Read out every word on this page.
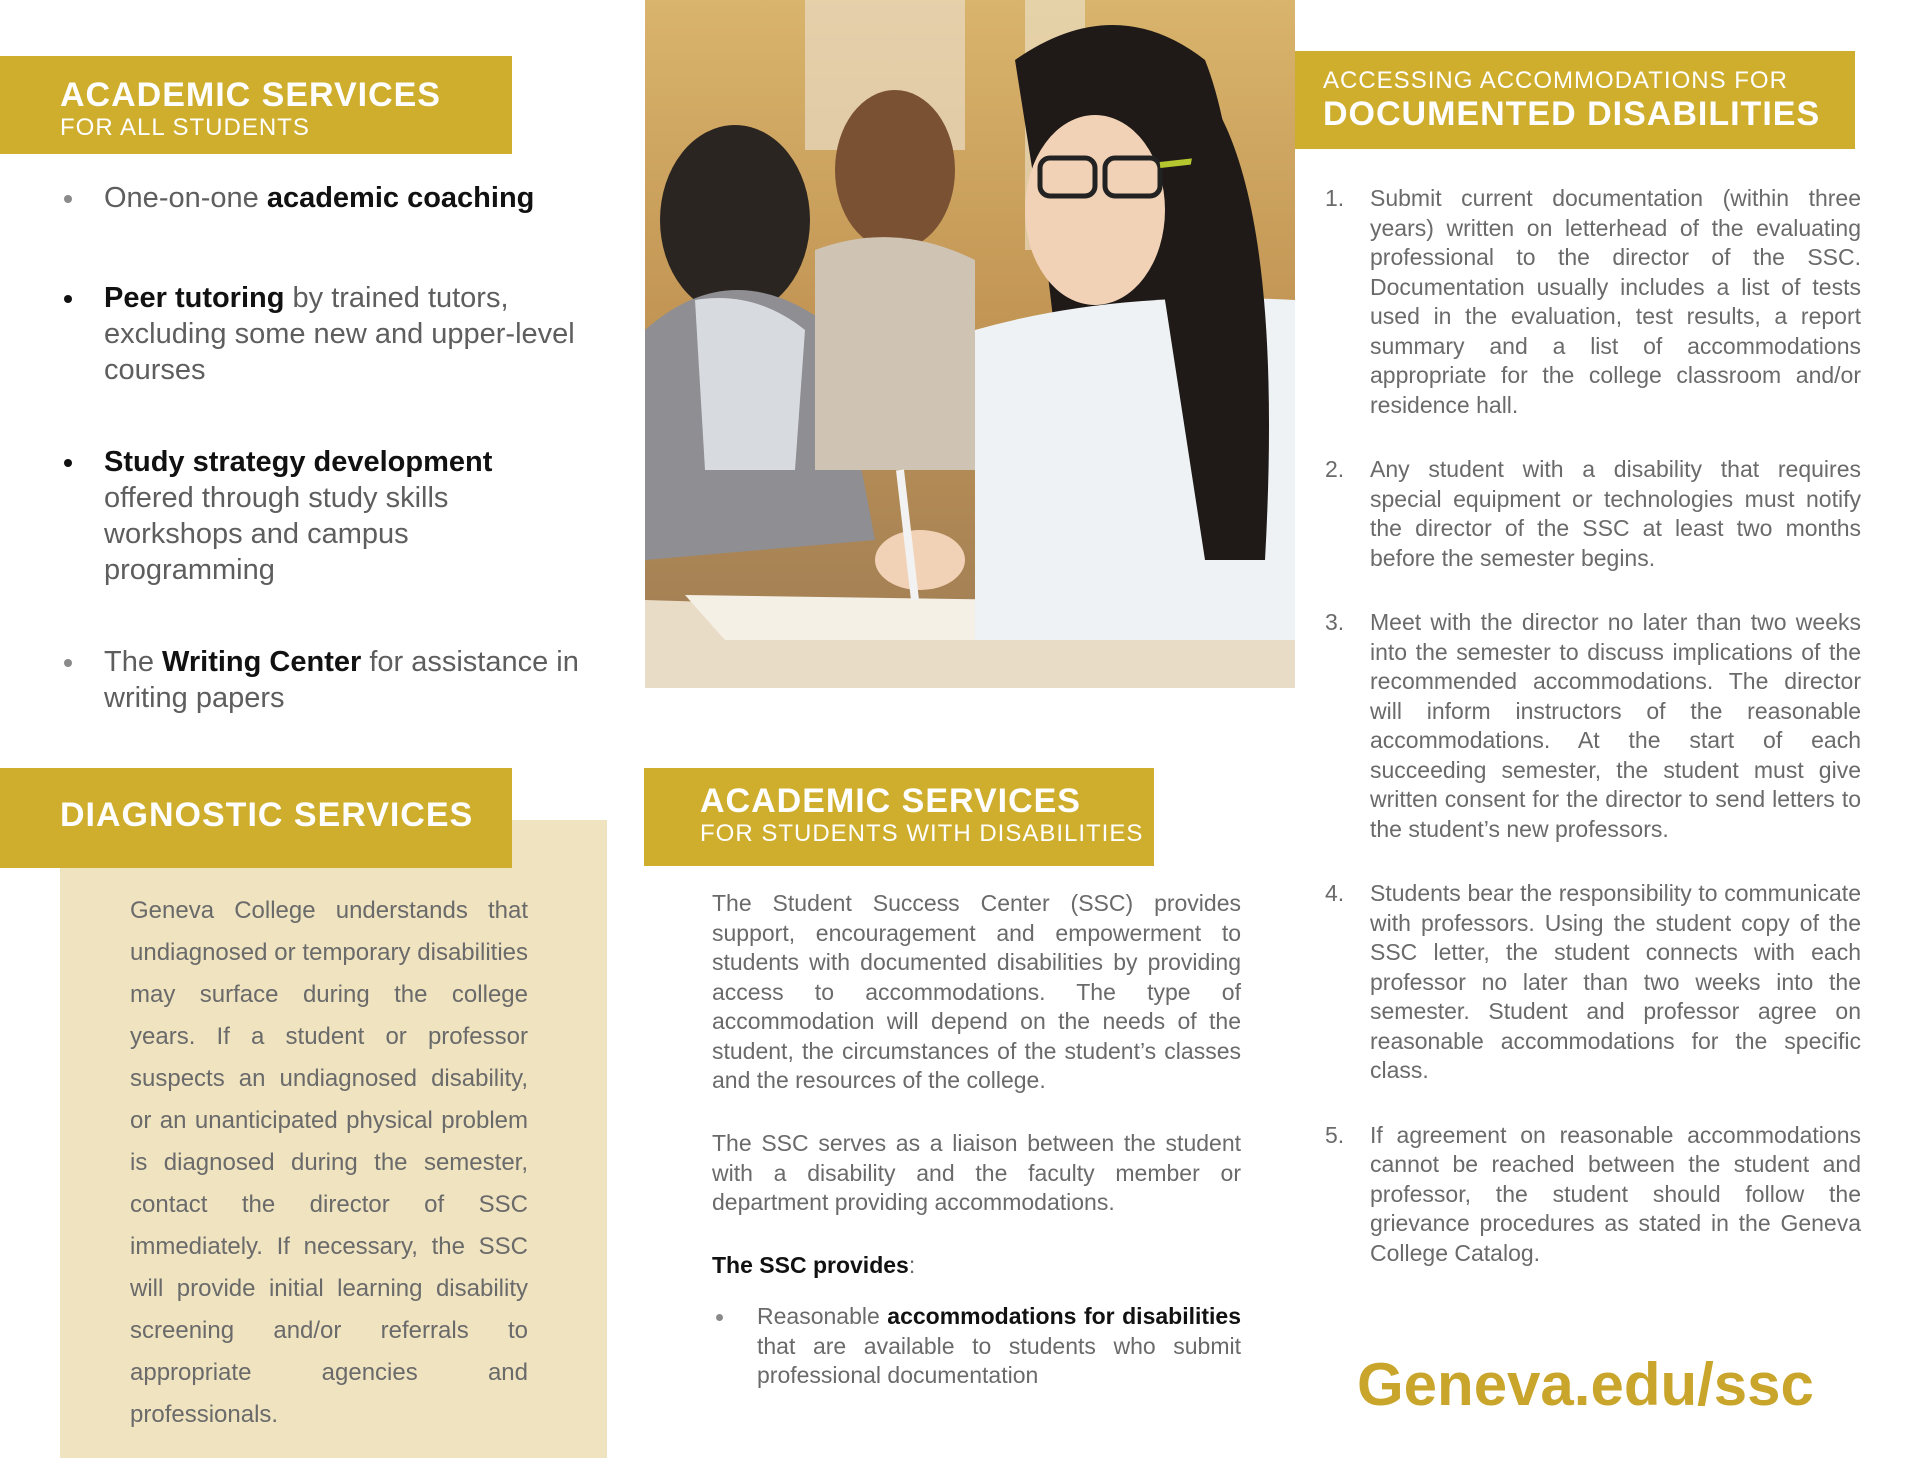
ACADEMIC SERVICES
FOR ALL STUDENTS
One-on-one academic coaching
Peer tutoring by trained tutors, excluding some new and upper-level courses
Study strategy development offered through study skills workshops and campus programming
The Writing Center for assistance in writing papers
DIAGNOSTIC SERVICES

Geneva College understands that undiagnosed or temporary disabilities may surface during the college years. If a student or professor suspects an undiagnosed disability, or an unanticipated physical problem is diagnosed during the semester, contact the director of SSC immediately. If necessary, the SSC will provide initial learning disability screening and/or referrals to appropriate agencies and professionals.

ACADEMIC SERVICES
FOR STUDENTS WITH DISABILITIES

The Student Success Center (SSC) provides support, encouragement and empowerment to students with documented disabilities by providing access to accommodations. The type of accommodation will depend on the needs of the student, the circumstances of the student’s classes and the resources of the college.

The SSC serves as a liaison between the student with a disability and the faculty member or department providing accommodations.

The SSC provides:

Reasonable accommodations for disabilities that are available to students who submit professional documentation

ACCESSING ACCOMMODATIONS FOR
DOCUMENTED DISABILITIES
1. Submit current documentation (within three years) written on letterhead of the evaluating professional to the director of the SSC. Documentation usually includes a list of tests used in the evaluation, test results, a report summary and a list of accommodations appropriate for the college classroom and/or residence hall.
2. Any student with a disability that requires special equipment or technologies must notify the director of the SSC at least two months before the semester begins.
3. Meet with the director no later than two weeks into the semester to discuss implications of the recommended accommodations. The director will inform instructors of the reasonable accommodations. At the start of each succeeding semester, the student must give written consent for the director to send letters to the student’s new professors.
4. Students bear the responsibility to communicate with professors. Using the student copy of the SSC letter, the student connects with each professor no later than two weeks into the semester. Student and professor agree on reasonable accommodations for the specific class.
5. If agreement on reasonable accommodations cannot be reached between the student and professor, the student should follow the grievance procedures as stated in the Geneva College Catalog.
Geneva.edu/ssc
